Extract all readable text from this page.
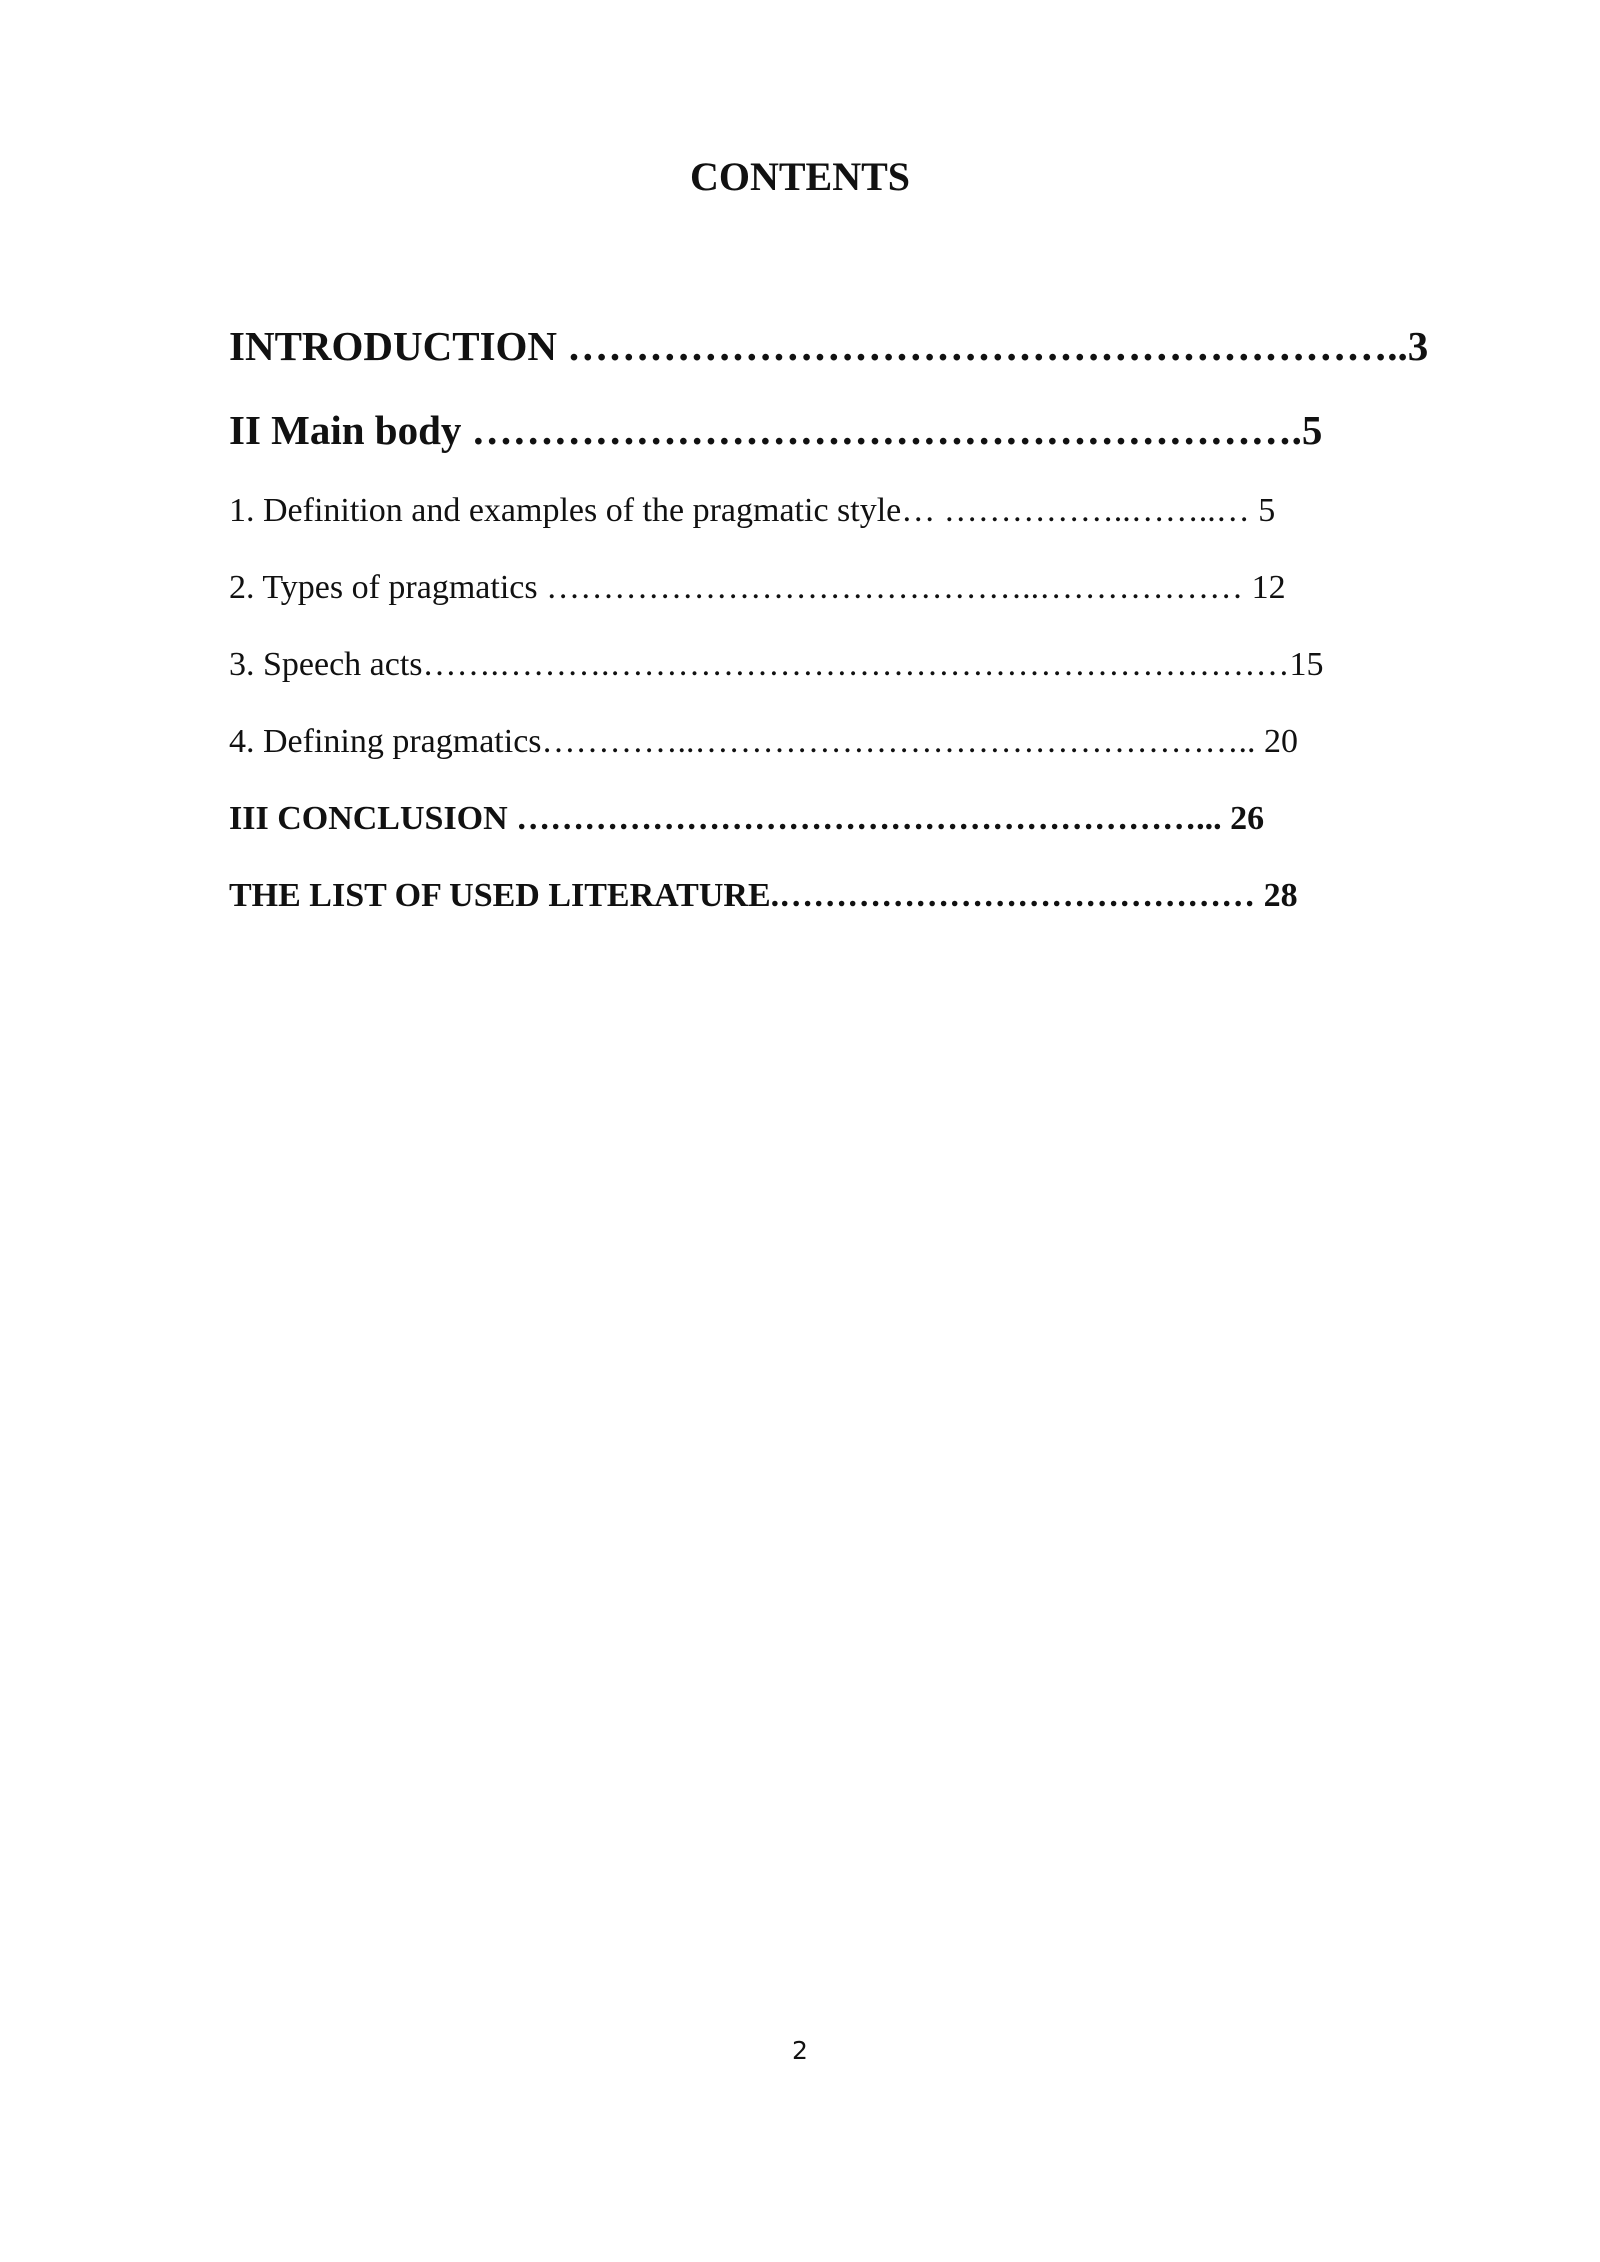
CONTENTS
INTRODUCTION ……………………………………………………..3
II Main body …………………………………………………….5
1. Definition and examples of the pragmatic style… ……………..……..… 5
2. Types of pragmatics ……………………………………..……………… 12
3. Speech acts…….……….……………………………………………………15
4. Defining pragmatics…………..………………………………………….. 20
III CONCLUSION ……………………………………………………... 26
THE LIST OF USED LITERATURE.…………………………………… 28
2
